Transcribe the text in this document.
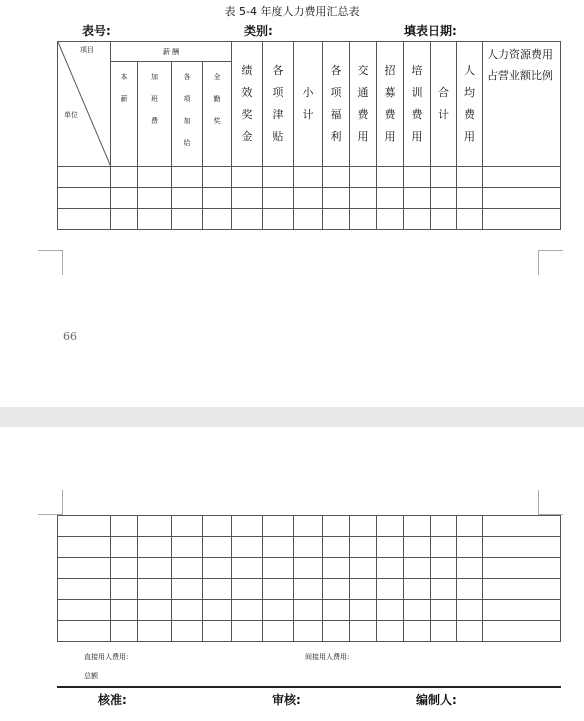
表 5-4 年度人力费用汇总表
表号:	类别:	填表日期:
项目
单位	薪 酬				绩效奖金	各项津贴	小计	各项福利	交通费用	招募费用	培训费用	合计	人均费用	人力资源费用占营业额比例
	本薪	加班费	各项加给	全勤奖										

66

直接用人费用:	间接用人费用:
总额
核准:	审核:	编制人:
